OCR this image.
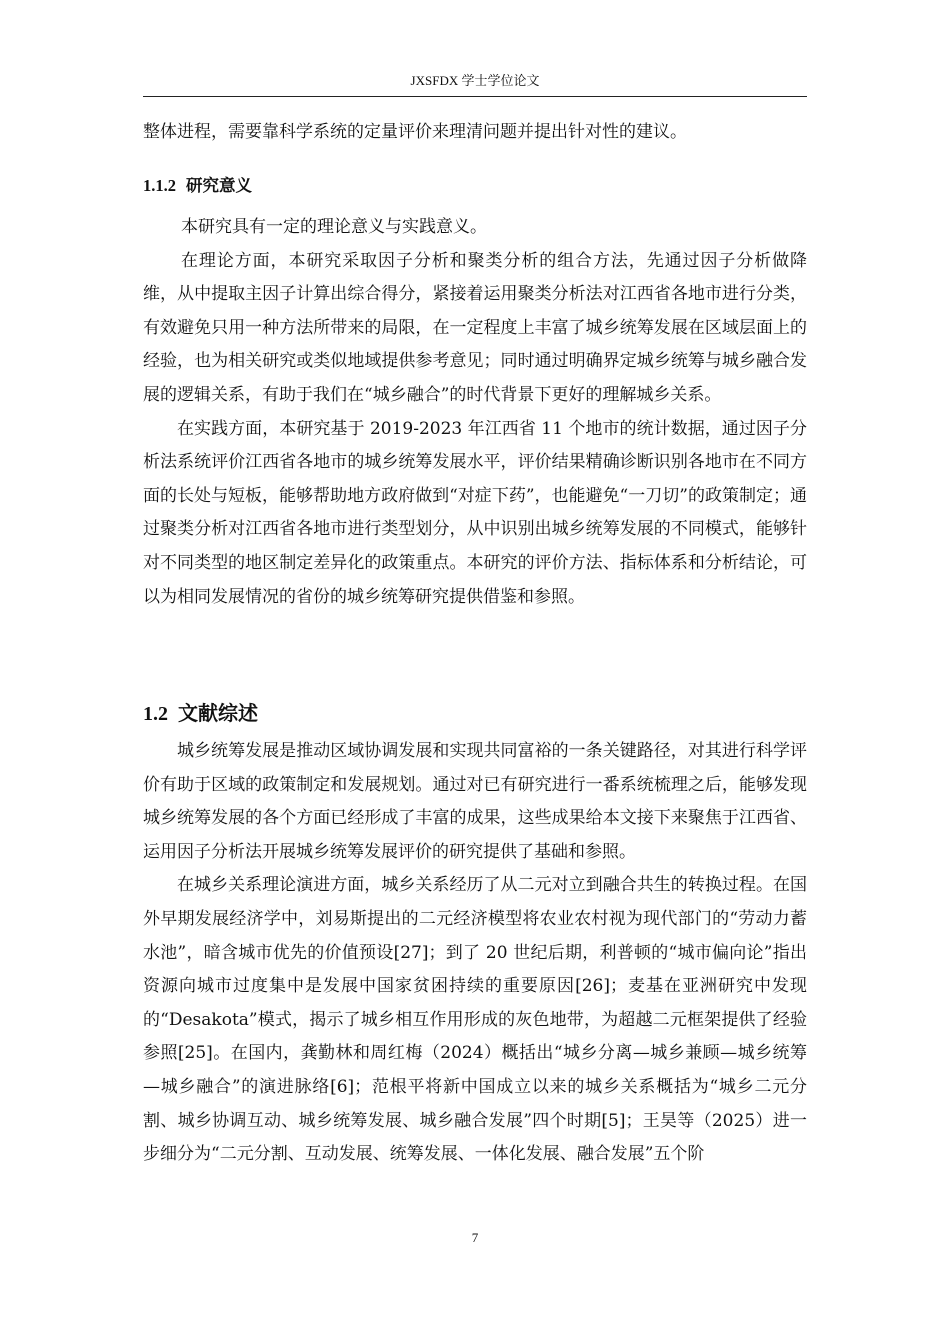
JXSFDX 学士学位论文

整体进程，需要靠科学系统的定量评价来理清问题并提出针对性的建议。

1.1.2 研究意义

本研究具有一定的理论意义与实践意义。

在理论方面，本研究采取因子分析和聚类分析的组合方法，先通过因子分析做降维，从中提取主因子计算出综合得分，紧接着运用聚类分析法对江西省各地市进行分类，有效避免只用一种方法所带来的局限，在一定程度上丰富了城乡统筹发展在区域层面上的经验，也为相关研究或类似地域提供参考意见；同时通过明确界定城乡统筹与城乡融合发展的逻辑关系，有助于我们在“城乡融合”的时代背景下更好的理解城乡关系。

在实践方面，本研究基于 2019-2023 年江西省 11 个地市的统计数据，通过因子分析法系统评价江西省各地市的城乡统筹发展水平，评价结果精确诊断识别各地市在不同方面的长处与短板，能够帮助地方政府做到“对症下药”，也能避免“一刀切”的政策制定；通过聚类分析对江西省各地市进行类型划分，从中识别出城乡统筹发展的不同模式，能够针对不同类型的地区制定差异化的政策重点。本研究的评价方法、指标体系和分析结论，可以为相同发展情况的省份的城乡统筹研究提供借鉴和参照。

1.2 文献综述

城乡统筹发展是推动区域协调发展和实现共同富裕的一条关键路径，对其进行科学评价有助于区域的政策制定和发展规划。通过对已有研究进行一番系统梳理之后，能够发现城乡统筹发展的各个方面已经形成了丰富的成果，这些成果给本文接下来聚焦于江西省、运用因子分析法开展城乡统筹发展评价的研究提供了基础和参照。

在城乡关系理论演进方面，城乡关系经历了从二元对立到融合共生的转换过程。在国外早期发展经济学中，刘易斯提出的二元经济模型将农业农村视为现代部门的“劳动力蓄水池”，暗含城市优先的价值预设[27]；到了 20 世纪后期，利普顿的“城市偏向论”指出资源向城市过度集中是发展中国家贫困持续的重要原因[26]；麦基在亚洲研究中发现的“Desakota”模式，揭示了城乡相互作用形成的灰色地带，为超越二元框架提供了经验参照[25]。在国内，龚勤林和周红梅（2024）概括出“城乡分离—城乡兼顾—城乡统筹—城乡融合”的演进脉络[6]；范根平将新中国成立以来的城乡关系概括为“城乡二元分割、城乡协调互动、城乡统筹发展、城乡融合发展”四个时期[5]；王昊等（2025）进一步细分为“二元分割、互动发展、统筹发展、一体化发展、融合发展”五个阶

7
